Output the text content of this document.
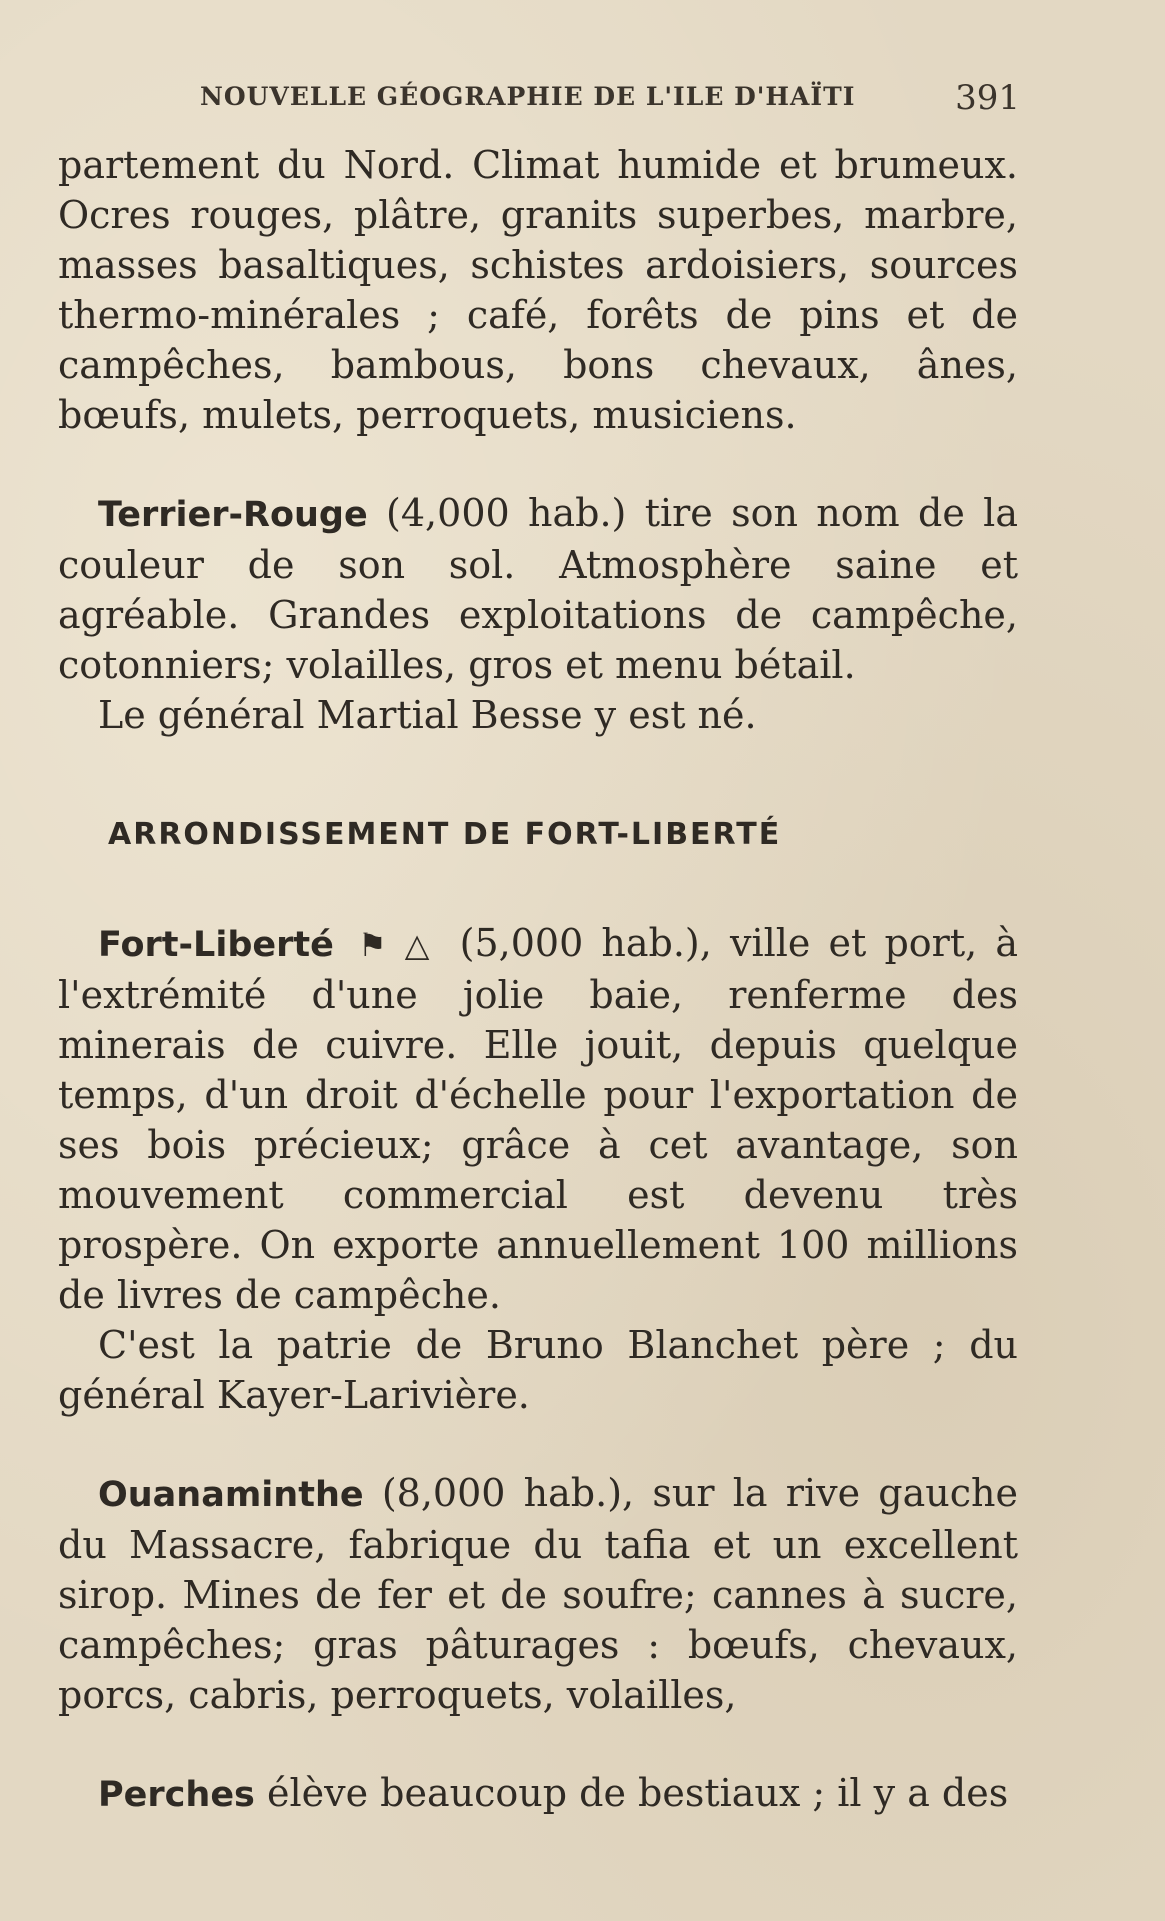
NOUVELLE GÉOGRAPHIE DE L'ILE D'HAÏTI	391

partement du Nord. Climat humide et brumeux. Ocres rouges, plâtre, granits superbes, marbre, masses basaltiques, schistes ardoisiers, sources thermo-minérales ; café, forêts de pins et de campêches, bambous, bons chevaux, ânes, bœufs, mulets, perroquets, musiciens.

Terrier-Rouge (4,000 hab.) tire son nom de la couleur de son sol. Atmosphère saine et agréable. Grandes exploitations de campêche, cotonniers; volailles, gros et menu bétail.

Le général Martial Besse y est né.

ARRONDISSEMENT DE FORT-LIBERTÉ

Fort-Liberté ⚑ △ (5,000 hab.), ville et port, à l'extrémité d'une jolie baie, renferme des minerais de cuivre. Elle jouit, depuis quelque temps, d'un droit d'échelle pour l'exportation de ses bois précieux; grâce à cet avantage, son mouvement commercial est devenu très prospère. On exporte annuellement 100 millions de livres de campêche.

C'est la patrie de Bruno Blanchet père ; du général Kayer-Larivière.

Ouanaminthe (8,000 hab.), sur la rive gauche du Massacre, fabrique du tafia et un excellent sirop. Mines de fer et de soufre; cannes à sucre, campêches; gras pâturages : bœufs, chevaux, porcs, cabris, perroquets, volailles,

Perches élève beaucoup de bestiaux ; il y a des
